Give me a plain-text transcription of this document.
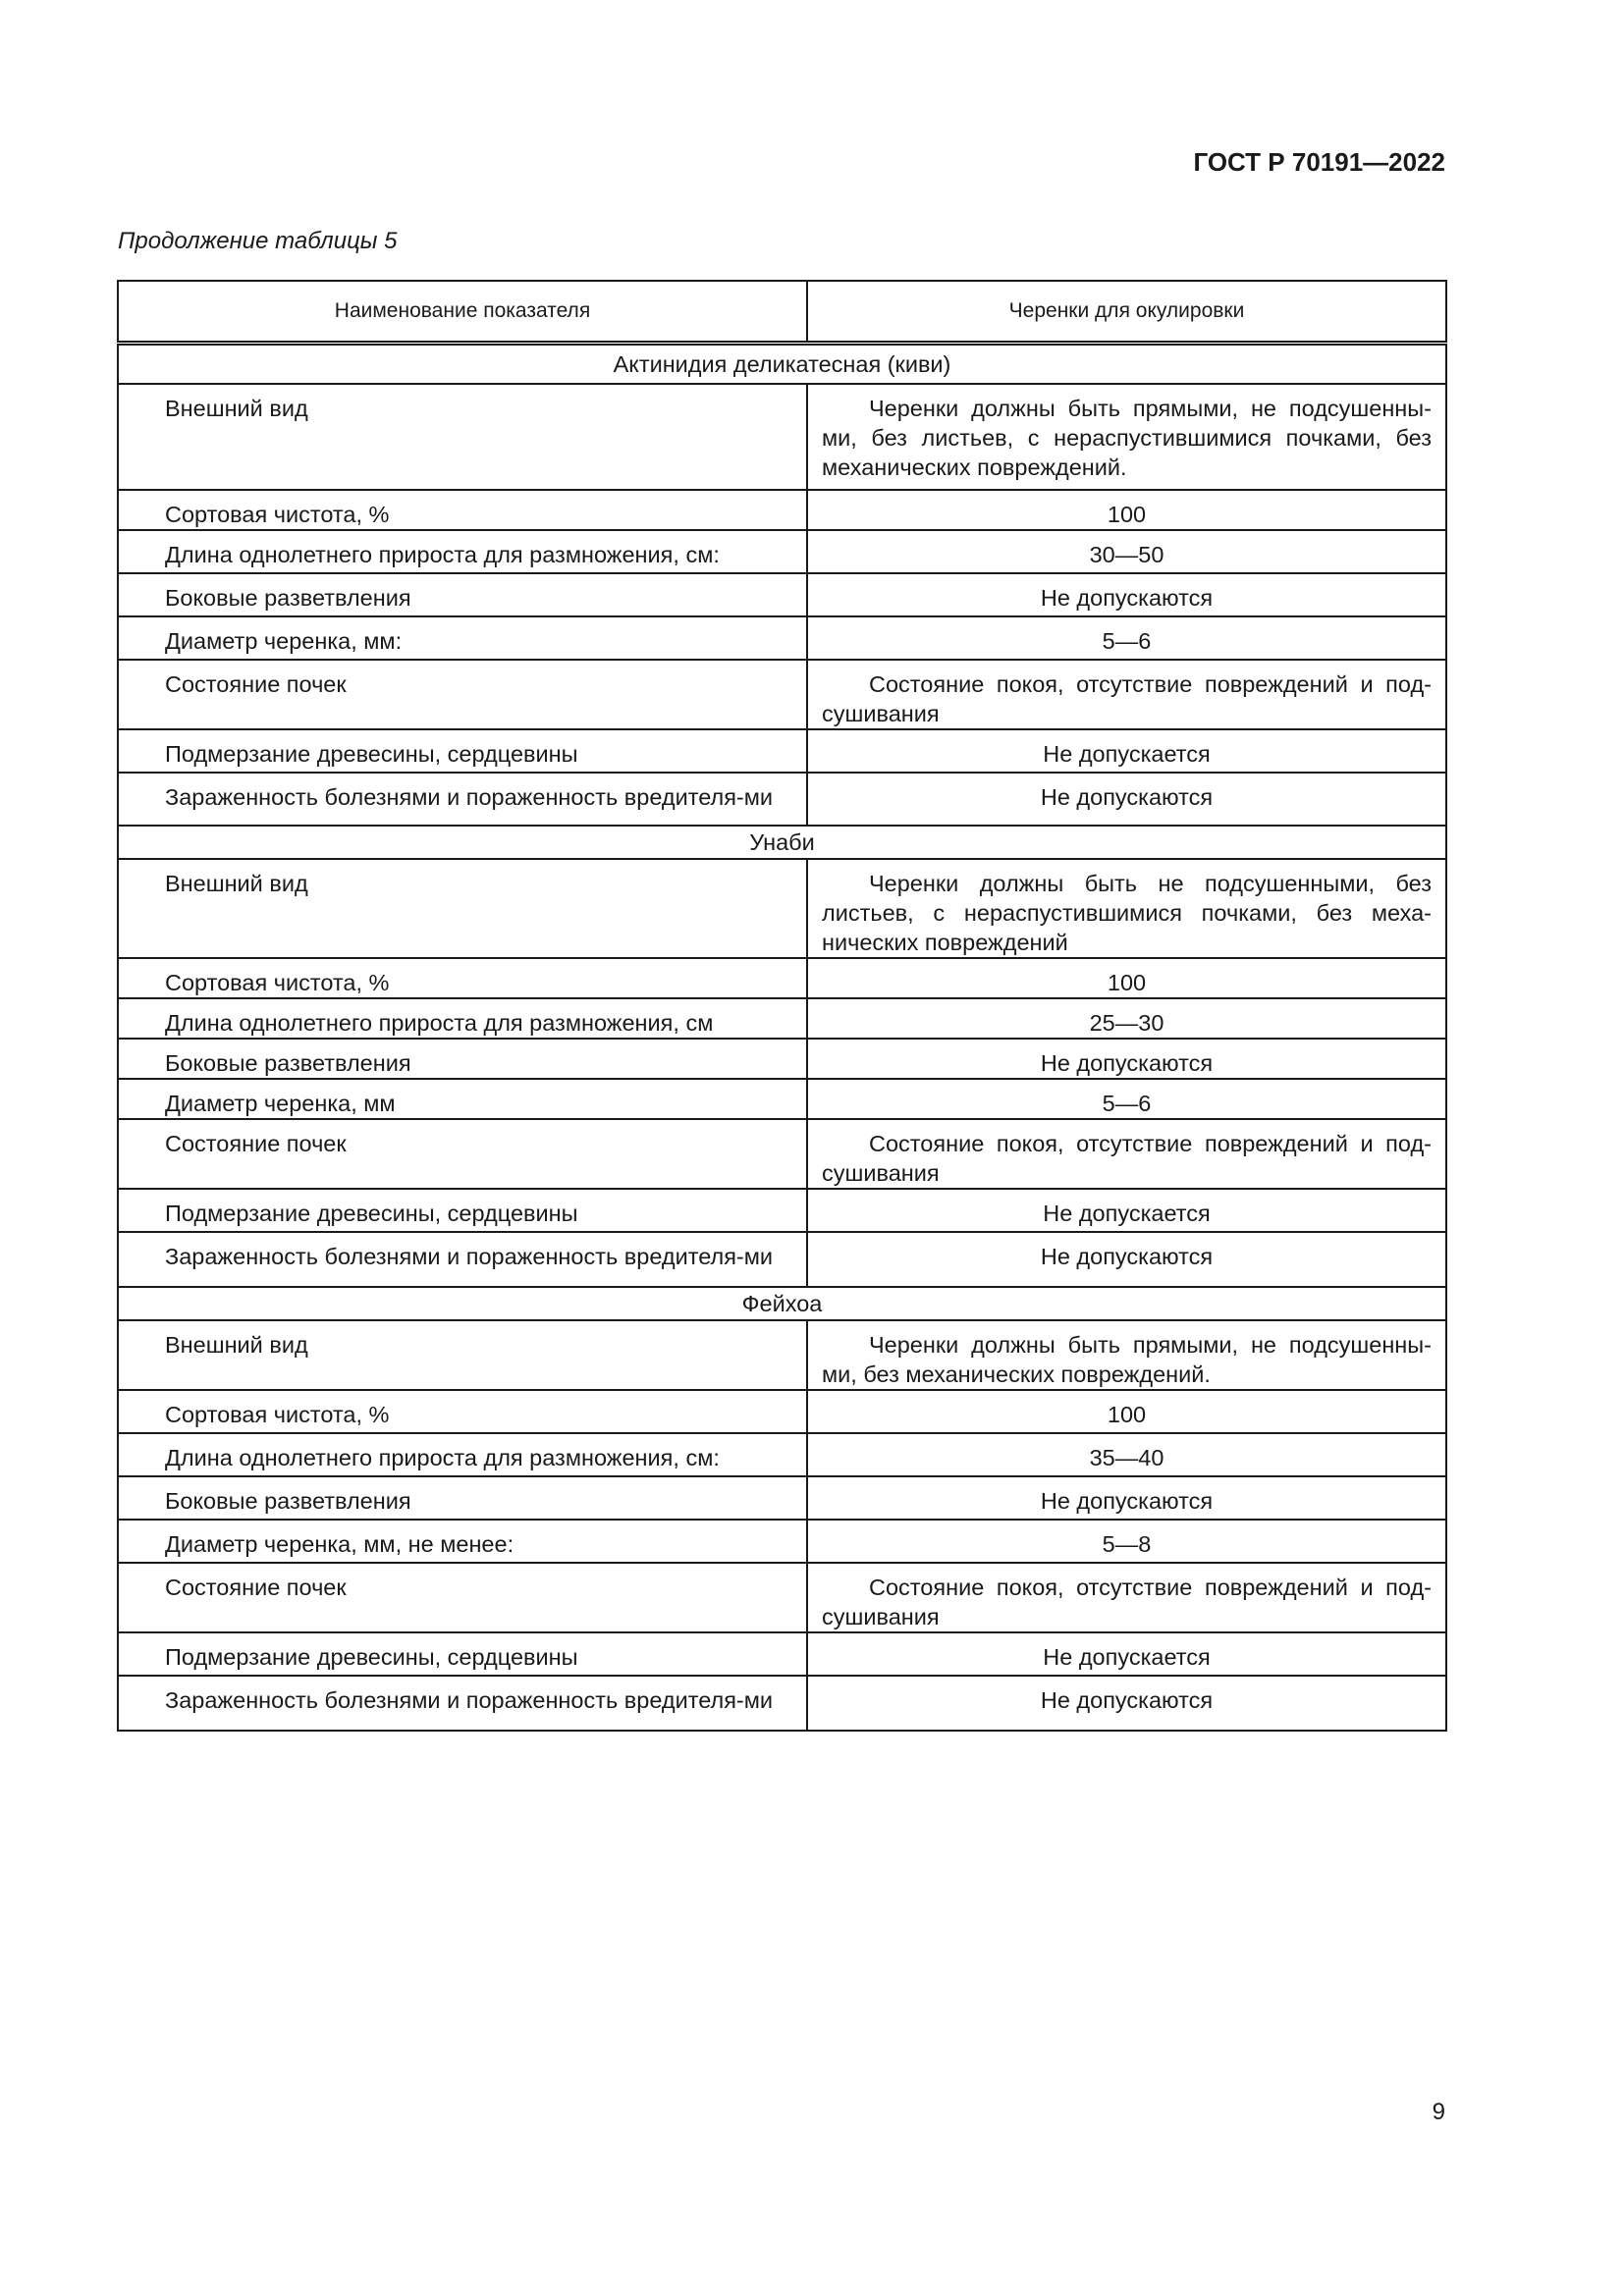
ГОСТ Р 70191—2022
Продолжение таблицы 5
Наименование показателя	Черенки для окулировки
Актинидия деликатесная (киви)	

Внешний вид	Черенки должны быть прямыми, не подсушенны-ми, без листьев, с нераспустившимися почками, без механических повреждений.

Сортовая чистота, %	100

Длина однолетнего прироста для размножения, см:	30—50

Боковые разветвления	Не допускаются

Диаметр черенка, мм:	5—6

Состояние почек	Состояние покоя, отсутствие повреждений и под-сушивания

Подмерзание древесины, сердцевины	Не допускается

Зараженность болезнями и пораженность вредителя-ми	Не допускаются

Унаби	

Внешний вид	Черенки должны быть не подсушенными, без листьев, с нераспустившимися почками, без меха-нических повреждений

Сортовая чистота, %	100

Длина однолетнего прироста для размножения, см	25—30

Боковые разветвления	Не допускаются

Диаметр черенка, мм	5—6

Состояние почек	Состояние покоя, отсутствие повреждений и под-сушивания

Подмерзание древесины, сердцевины	Не допускается

Зараженность болезнями и пораженность вредителя-ми	Не допускаются

Фейхоа	

Внешний вид	Черенки должны быть прямыми, не подсушенны-ми, без механических повреждений.

Сортовая чистота, %	100

Длина однолетнего прироста для размножения, см:	35—40

Боковые разветвления	Не допускаются

Диаметр черенка, мм, не менее:	5—8

Состояние почек	Состояние покоя, отсутствие повреждений и под-сушивания

Подмерзание древесины, сердцевины	Не допускается

Зараженность болезнями и пораженность вредителя-ми	Не допускаются
9
